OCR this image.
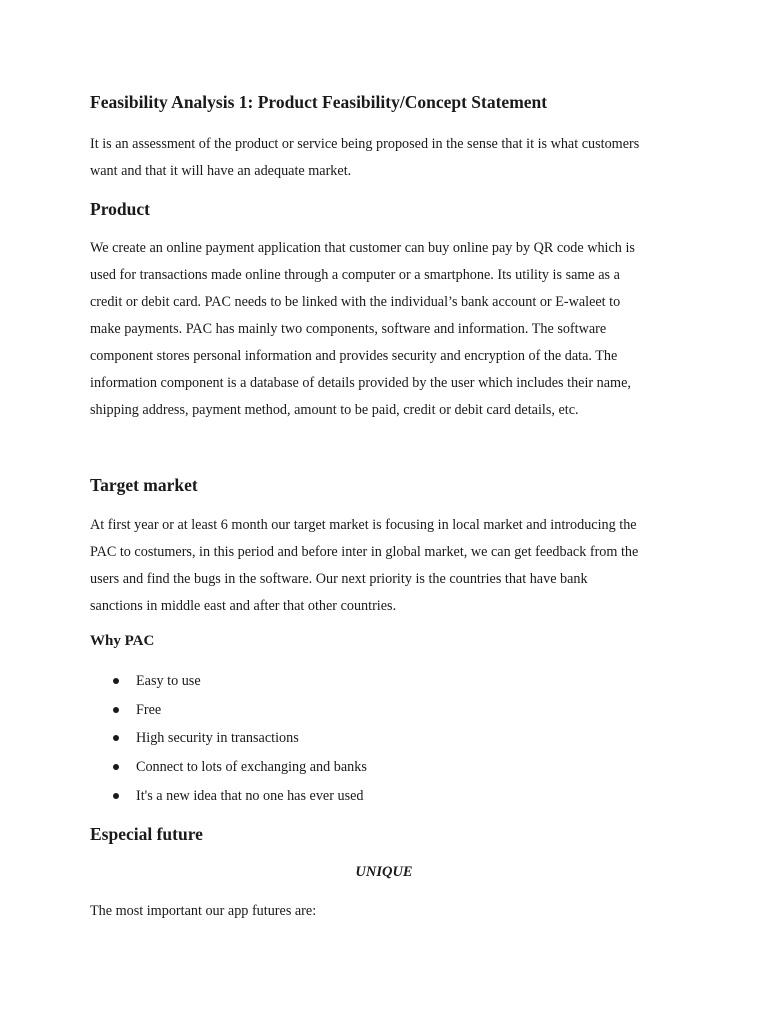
Feasibility Analysis 1: Product Feasibility/Concept Statement

It is an assessment of the product or service being proposed in the sense that it is what customers
want and that it will have an adequate market.

Product

We create an online payment application that customer can buy online pay by QR code which is
used for transactions made online through a computer or a smartphone. Its utility is same as a
credit or debit card. PAC needs to be linked with the individual’s bank account or E-waleet to
make payments. PAC has mainly two components, software and information. The software
component stores personal information and provides security and encryption of the data. The
information component is a database of details provided by the user which includes their name,
shipping address, payment method, amount to be paid, credit or debit card details, etc.

Target market

At first year or at least 6 month our target market is focusing in local market and introducing the
PAC to costumers, in this period and before inter in global market, we can get feedback from the
users and find the bugs in the software. Our next priority is the countries that have bank
sanctions in middle east and after that other countries.

Why PAC
Easy to use
Free
High security in transactions
Connect to lots of exchanging and banks
It's a new idea that no one has ever used
Especial future

UNIQUE

The most important our app futures are:
